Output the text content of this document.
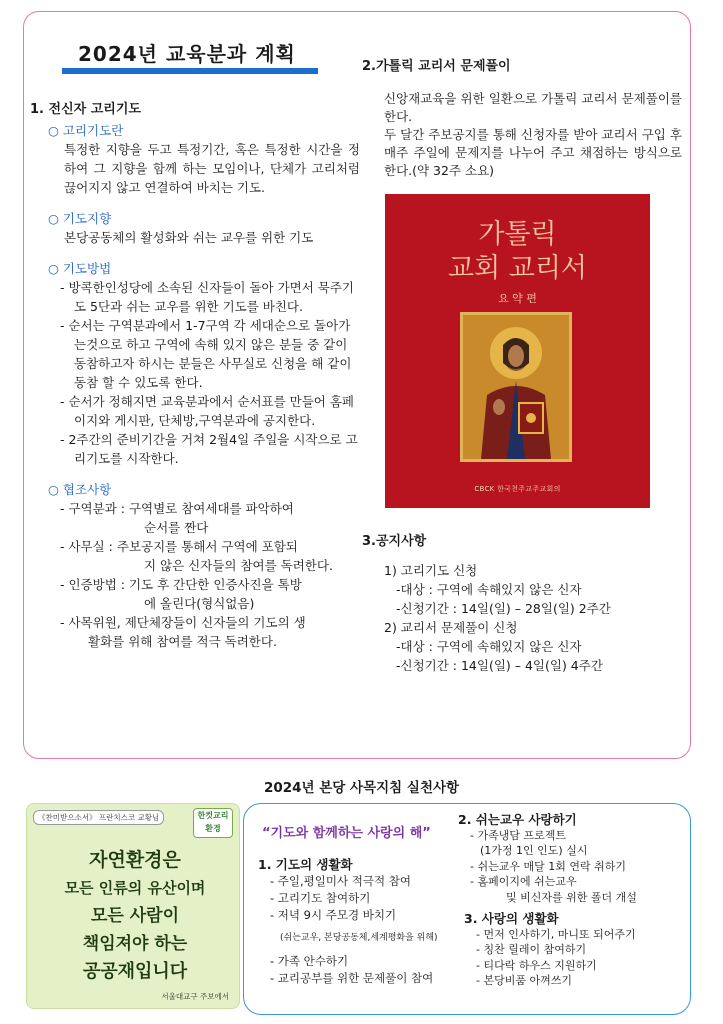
2024년 교육분과 계획
1. 전신자 고리기도
○ 고리기도란
특정한 지향을 두고 특정기간, 혹은 특정한 시간을 정하여 그 지향을 함께 하는 모임이나, 단체가 고리처럼 끊어지지 않고 연결하여 바치는 기도.
○ 기도지향
본당공동체의 활성화와 쉬는 교우를 위한 기도
○ 기도방법
- 방콕한인성당에 소속된 신자들이 돌아 가면서 묵주기도 5단과 쉬는 교우를 위한 기도를 바친다.
- 순서는 구역분과에서 1-7구역 각 세대순으로 돌아가는것으로 하고 구역에 속해 있지 않은 분들 중 같이 동참하고자 하시는 분들은 사무실로 신청을 해 같이 동참 할 수 있도록 한다.
- 순서가 정해지면 교육분과에서 순서표를 만들어 홈페이지와 게시판, 단체방,구역분과에 공지한다.
- 2주간의 준비기간을 거쳐 2월4일 주일을 시작으로 고리기도를 시작한다.
○ 협조사항
- 구역분과 : 구역별로 참여세대를 파악하여
순서를 짠다
- 사무실 : 주보공지를 통해서 구역에 포함되
지 않은 신자들의 참여를 독려한다.
- 인증방법 : 기도 후 간단한 인증사진을 톡방
에 올린다(형식없음)
- 사목위원, 제단체장들이 신자들의 기도의 생
활화를 위해 참여를 적극 독려한다.
2.가톨릭 교리서 문제풀이
신앙재교육을 위한 일환으로 가톨릭 교리서 문제풀이를 한다.
두 달간 주보공지를 통해 신청자를 받아 교리서 구입 후 매주 주일에 문제지를 나누어 주고 채점하는 방식으로 한다.(약 32주 소요)
가톨릭
교회 교리서
요 약 편
CBCK 한국천주교주교회의
3.공지사항
1) 고리기도 신청
-대상 : 구역에 속해있지 않은 신자
-신청기간 : 14일(일) – 28일(일) 2주간
2) 교리서 문제풀이 신청
-대상 : 구역에 속해있지 않은 신자
-신청기간 : 14일(일) – 4일(일) 4주간
2024년 본당 사목지침 실천사항
《찬미받으소서》 프란치스코 교황님	한컷교리
환경
자연환경은
모든 인류의 유산이며
모든 사람이
책임져야 하는
공공재입니다
서울대교구 주보에서
“기도와 함께하는 사랑의 해”
1. 기도의 생활화
- 주일,평일미사 적극적 참여
- 고리기도 참여하기
- 저녁 9시 주모경 바치기
(쉬는교우, 본당공동체,세계평화을 위해)
- 가족 안수하기
- 교리공부를 위한 문제풀이 참여
2. 쉬는교우 사랑하기
- 가족냉담 프로젝트
(1가정 1인 인도) 실시
- 쉬는교우 매달 1회 연락 취하기
- 홈페이지에 쉬는교우
및 비신자를 위한 폴더 개설
3. 사랑의 생활화
- 먼저 인사하기, 마니또 되어주기
- 칭찬 릴레이 참여하기
- 티다락 하우스 지원하기
- 본당비품 아껴쓰기
